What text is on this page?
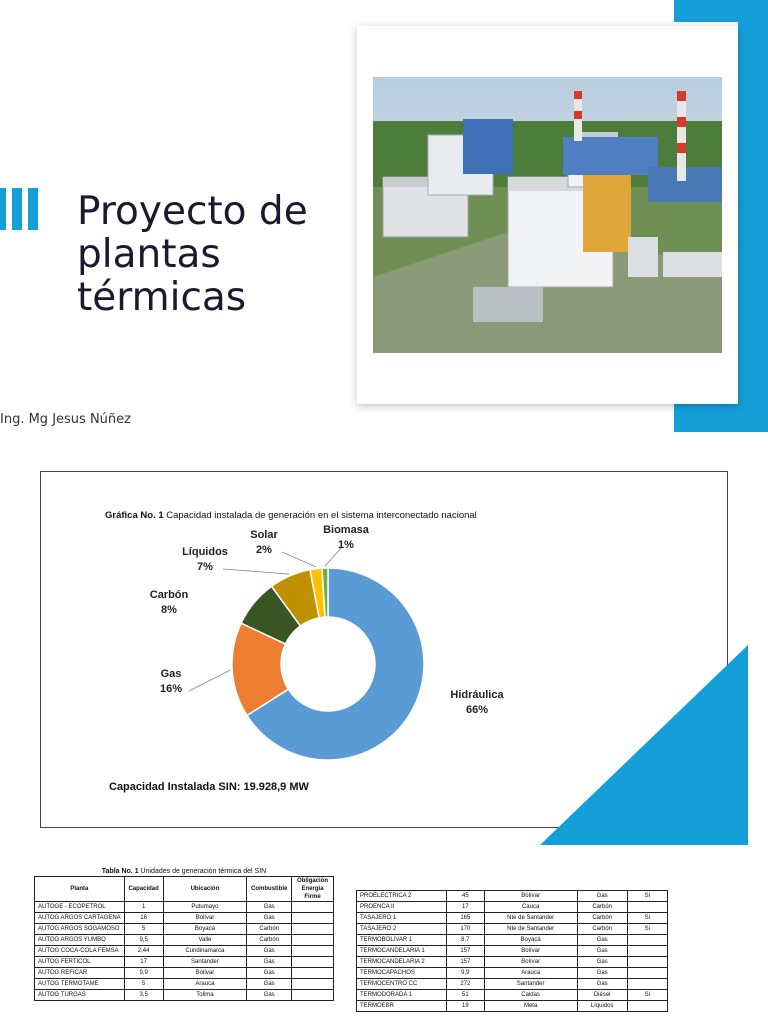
Proyecto de
plantas
térmicas
Ing. Mg Jesus Núñez
Gráfica No. 1 Capacidad instalada de generación en el sistema interconectado nacional
Hidráulica
66%
Gas
16%
Carbón
8%
Líquidos
7%
Solar
2%
Biomasa
1%
Capacidad Instalada SIN: 19.928,9 MW
Tabla No. 1 Unidades de generación térmica del SIN
Planta	Capacidad	Ubicación	Combustible	Obligación Energía Firme
AUTOGE - ECOPETROL	1	Putumayo	Gas	
AUTOG ARGOS CARTAGENA	16	Bolívar	Gas	
AUTOG ARGOS SOGAMOSO	5	Boyacá	Carbón	
AUTOG ARGOS YUMBO	9,5	Valle	Carbón	
AUTOG COCA-COLA FEMSA	2,44	Cundinamarca	Gas	
AUTOG FERTICOL	17	Santander	Gas	
AUTOG REFICAR	9,9	Bolívar	Gas	
AUTOG TERMOTAME	5	Arauca	Gas	
AUTOG TURGAS	3,5	Tolima	Gas	
PROELECTRICA 2	45	Bolívar	Gas	Si
PROENCA II	17	Cauca	Carbón	
TASAJERO 1	165	Nte de Santander	Carbón	Si
TASAJERO 2	170	Nte de Santander	Carbón	Si
TERMOBOLIVAR 1	8,7	Boyacá	Gas	
TERMOCANDELARIA 1	157	Bolívar	Gas	
TERMOCANDELARIA 2	157	Bolívar	Gas	
TERMOCAPACHOS	9,9	Arauca	Gas	
TERMOCENTRO CC	272	Santander	Gas	
TERMODORADA 1	51	Caldas	Diésel	Si
TERMOEBR	19	Meta	Líquidos	
